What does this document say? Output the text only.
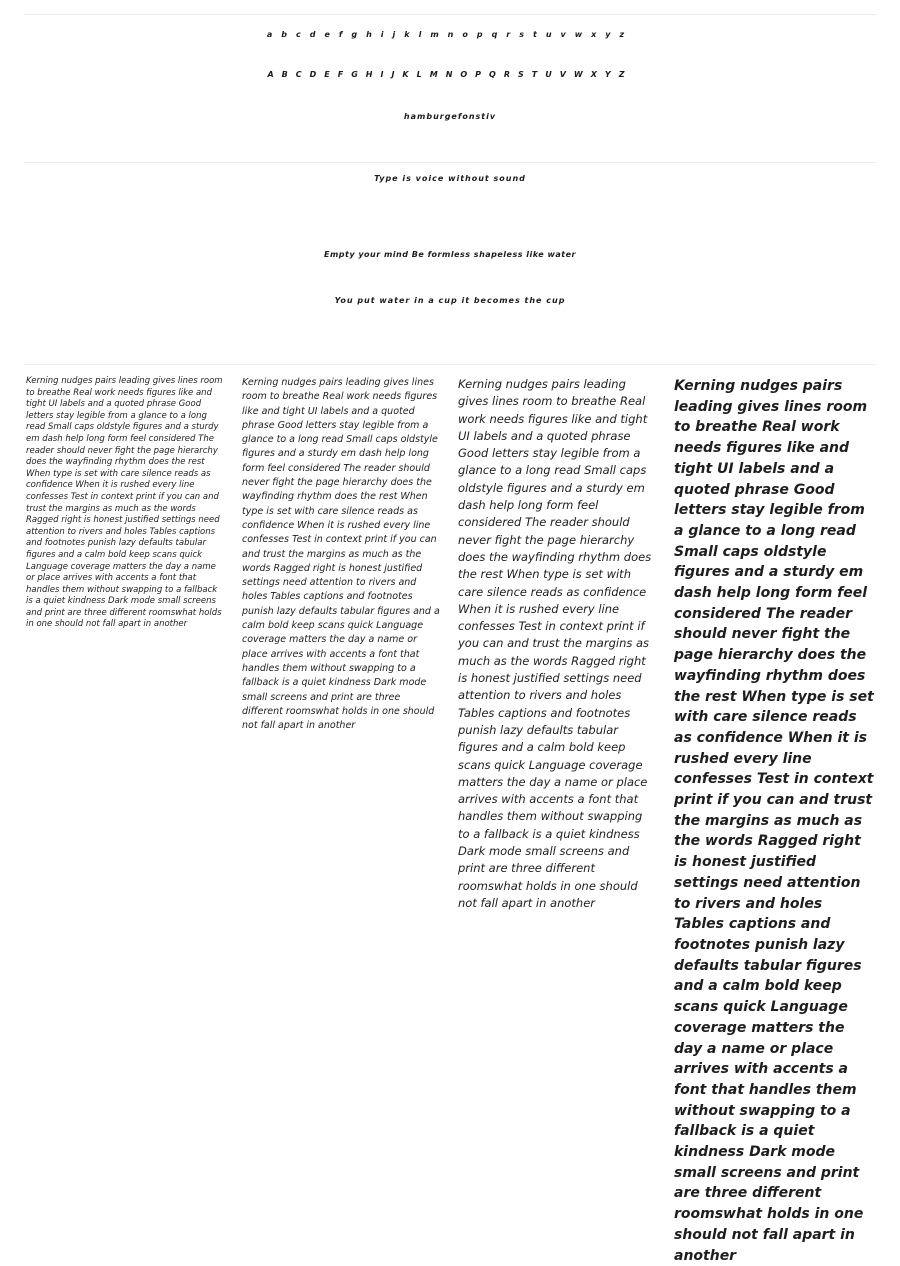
abcdefghijklmnopqrstuvwxyz
ABCDEFGHIJKLMNOPQRSTUVWXYZ
hamburgefonstiv
Type is voice without sound
Empty your mind Be formless shapeless like water
You put water in a cup it becomes the cup
Kerning nudges pairs leading gives lines room to breathe Real work needs figures like and tight UI labels and a quoted phrase Good letters stay legible from a glance to a long read Small caps oldstyle figures and a sturdy em dash help long form feel considered The reader should never fight the page hierarchy does the wayfinding rhythm does the rest When type is set with care silence reads as confidence When it is rushed every line confesses Test in context print if you can and trust the margins as much as the words Ragged right is honest justified settings need attention to rivers and holes Tables captions and footnotes punish lazy defaults tabular figures and a calm bold keep scans quick Language coverage matters the day a name or place arrives with accents a font that handles them without swapping to a fallback is a quiet kindness Dark mode small screens and print are three different roomswhat holds in one should not fall apart in another
Kerning nudges pairs leading gives lines room to breathe Real work needs figures like and tight UI labels and a quoted phrase Good letters stay legible from a glance to a long read Small caps oldstyle figures and a sturdy em dash help long form feel considered The reader should never fight the page hierarchy does the wayfinding rhythm does the rest When type is set with care silence reads as confidence When it is rushed every line confesses Test in context print if you can and trust the margins as much as the words Ragged right is honest justified settings need attention to rivers and holes Tables captions and footnotes punish lazy defaults tabular figures and a calm bold keep scans quick Language coverage matters the day a name or place arrives with accents a font that handles them without swapping to a fallback is a quiet kindness Dark mode small screens and print are three different roomswhat holds in one should not fall apart in another
Kerning nudges pairs leading gives lines room to breathe Real work needs figures like and tight UI labels and a quoted phrase Good letters stay legible from a glance to a long read Small caps oldstyle figures and a sturdy em dash help long form feel considered The reader should never fight the page hierarchy does the wayfinding rhythm does the rest When type is set with care silence reads as confidence When it is rushed every line confesses Test in context print if you can and trust the margins as much as the words Ragged right is honest justified settings need attention to rivers and holes Tables captions and footnotes punish lazy defaults tabular figures and a calm bold keep scans quick Language coverage matters the day a name or place arrives with accents a font that handles them without swapping to a fallback is a quiet kindness Dark mode small screens and print are three different roomswhat holds in one should not fall apart in another
Kerning nudges pairs leading gives lines room to breathe Real work needs figures like and tight UI labels and a quoted phrase Good letters stay legible from a glance to a long read Small caps oldstyle figures and a sturdy em dash help long form feel considered The reader should never fight the page hierarchy does the wayfinding rhythm does the rest When type is set with care silence reads as confidence When it is rushed every line confesses Test in context print if you can and trust the margins as much as the words Ragged right is honest justified settings need attention to rivers and holes Tables captions and footnotes punish lazy defaults tabular figures and a calm bold keep scans quick Language coverage matters the day a name or place arrives with accents a font that handles them without swapping to a fallback is a quiet kindness Dark mode small screens and print are three different roomswhat holds in one should not fall apart in another
